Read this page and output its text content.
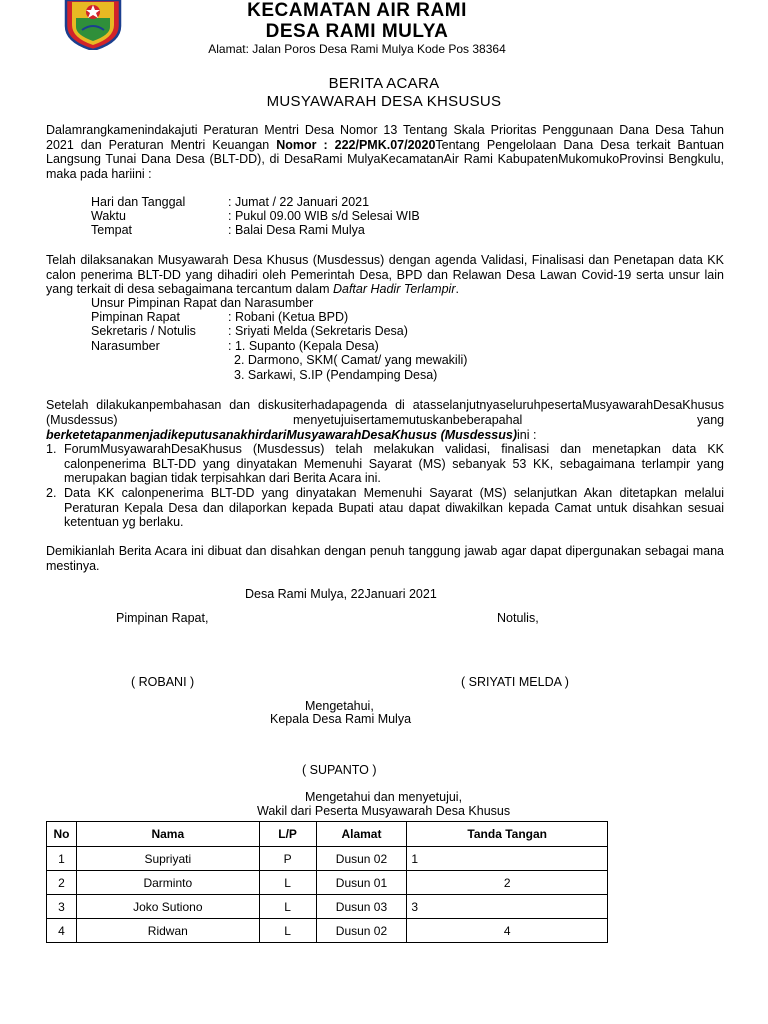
KECAMATAN AIR RAMI
DESA RAMI MULYA
Alamat: Jalan Poros Desa Rami Mulya Kode Pos 38364
BERITA ACARA
MUSYAWARAH DESA KHSUSUS
Dalamrangkamenindakajuti Peraturan Mentri Desa Nomor 13 Tentang Skala Prioritas Penggunaan Dana Desa Tahun 2021 dan Peraturan Mentri Keuangan Nomor : 222/PMK.07/2020Tentang Pengelolaan Dana Desa terkait Bantuan Langsung Tunai Dana Desa (BLT-DD), di DesaRami MulyaKecamatanAir Rami KabupatenMukomukoProvinsi Bengkulu, maka pada hariini :
Hari dan Tanggal	: Jumat / 22 Januari 2021
Waktu	: Pukul 09.00 WIB s/d Selesai WIB
Tempat	: Balai Desa Rami Mulya
Telah dilaksanakan Musyawarah Desa Khusus (Musdessus) dengan agenda Validasi, Finalisasi dan Penetapan data KK calon penerima BLT-DD yang dihadiri oleh Pemerintah Desa, BPD dan Relawan Desa Lawan Covid-19 serta unsur lain yang terkait di desa sebagaimana tercantum dalam Daftar Hadir Terlampir.
Unsur Pimpinan Rapat dan Narasumber
Pimpinan Rapat	: Robani (Ketua BPD)
Sekretaris / Notulis	: Sriyati Melda (Sekretaris Desa)
Narasumber	: 1. Supanto (Kepala Desa)
2. Darmono, SKM( Camat/ yang mewakili)
3. Sarkawi, S.IP (Pendamping Desa)
Setelah dilakukanpembahasan dan diskusiterhadapagenda di atasselanjutnyaseluruhpesertaMusyawarahDesaKhusus
(Musdessus)	menyetujuisertamemutuskanbeberapahal	yang
berketetapanmenjadikeputusanakhirdariMusyawarahDesaKhusus (Musdessus)ini :
1. ForumMusyawarahDesaKhusus (Musdessus) telah melakukan validasi, finalisasi dan menetapkan data KK calonpenerima BLT-DD yang dinyatakan Memenuhi Sayarat (MS) sebanyak 53 KK, sebagaimana terlampir yang merupakan bagian tidak terpisahkan dari Berita Acara ini.
2. Data KK calonpenerima BLT-DD yang dinyatakan Memenuhi Sayarat (MS) selanjutkan Akan ditetapkan melalui Peraturan Kepala Desa dan dilaporkan kepada Bupati atau dapat diwakilkan kepada Camat untuk disahkan sesuai ketentuan yg berlaku.
Demikianlah Berita Acara ini dibuat dan disahkan dengan penuh tanggung jawab agar dapat dipergunakan sebagai mana mestinya.
Desa Rami Mulya, 22Januari 2021
Pimpinan Rapat,	Notulis,
( ROBANI )	( SRIYATI MELDA )
Mengetahui,
Kepala Desa Rami Mulya
( SUPANTO )
Mengetahui dan menyetujui,
Wakil dari Peserta Musyawarah Desa Khusus
No	Nama	L/P	Alamat	Tanda Tangan
1	Supriyati	P	Dusun 02	1
2	Darminto	L	Dusun 01	2
3	Joko Sutiono	L	Dusun 03	3
4	Ridwan	L	Dusun 02	4
